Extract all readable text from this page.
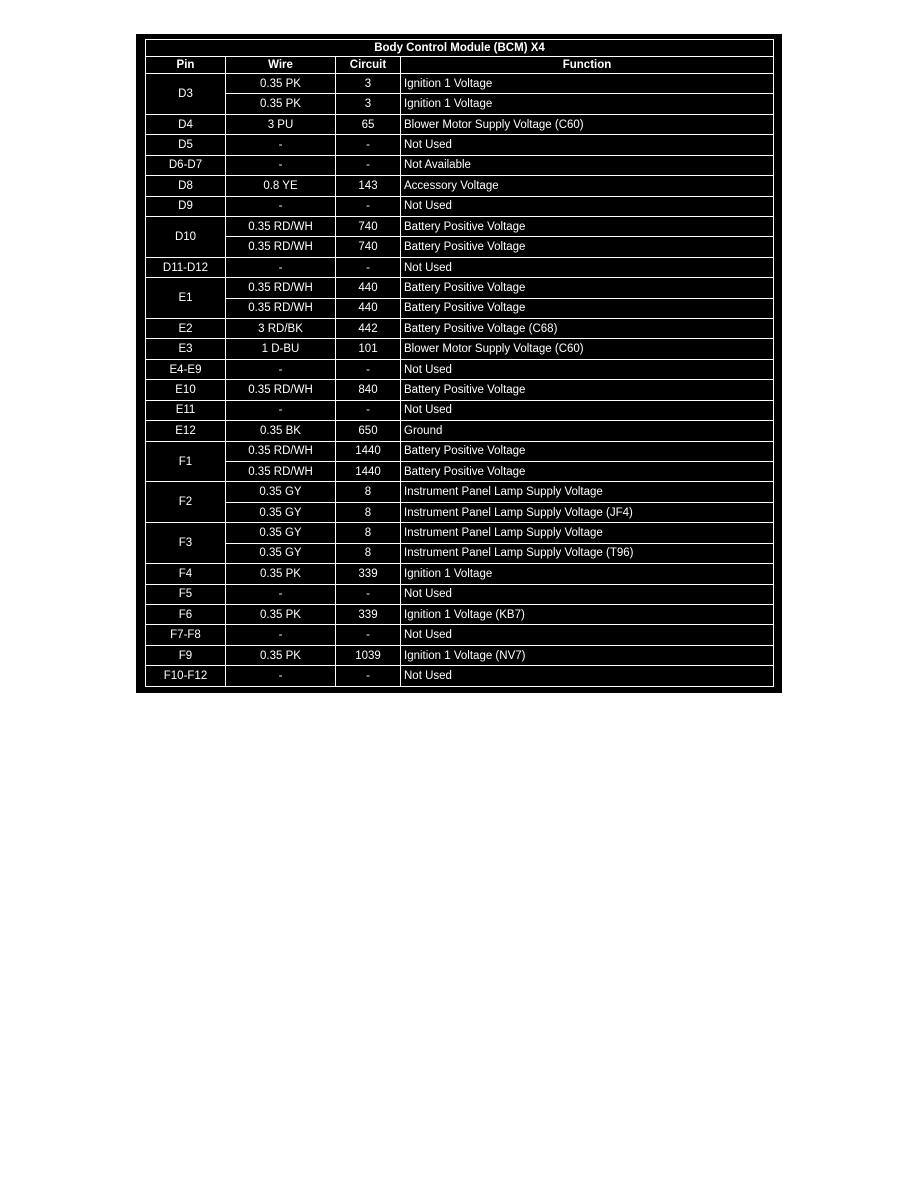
Body Control Module (BCM) X4			
Pin	Wire	Circuit	Function
D3	0.35 PK	3	Ignition 1 Voltage
	0.35 PK	3	Ignition 1 Voltage
D4	3 PU	65	Blower Motor Supply Voltage (C60)
D5	-	-	Not Used
D6-D7	-	-	Not Available
D8	0.8 YE	143	Accessory Voltage
D9	-	-	Not Used
D10	0.35 RD/WH	740	Battery Positive Voltage
	0.35 RD/WH	740	Battery Positive Voltage
D11-D12	-	-	Not Used
E1	0.35 RD/WH	440	Battery Positive Voltage
	0.35 RD/WH	440	Battery Positive Voltage
E2	3 RD/BK	442	Battery Positive Voltage (C68)
E3	1 D-BU	101	Blower Motor Supply Voltage (C60)
E4-E9	-	-	Not Used
E10	0.35 RD/WH	840	Battery Positive Voltage
E11	-	-	Not Used
E12	0.35 BK	650	Ground
F1	0.35 RD/WH	1440	Battery Positive Voltage
	0.35 RD/WH	1440	Battery Positive Voltage
F2	0.35 GY	8	Instrument Panel Lamp Supply Voltage
	0.35 GY	8	Instrument Panel Lamp Supply Voltage (JF4)
F3	0.35 GY	8	Instrument Panel Lamp Supply Voltage
	0.35 GY	8	Instrument Panel Lamp Supply Voltage (T96)
F4	0.35 PK	339	Ignition 1 Voltage
F5	-	-	Not Used
F6	0.35 PK	339	Ignition 1 Voltage (KB7)
F7-F8	-	-	Not Used
F9	0.35 PK	1039	Ignition 1 Voltage (NV7)
F10-F12	-	-	Not Used
